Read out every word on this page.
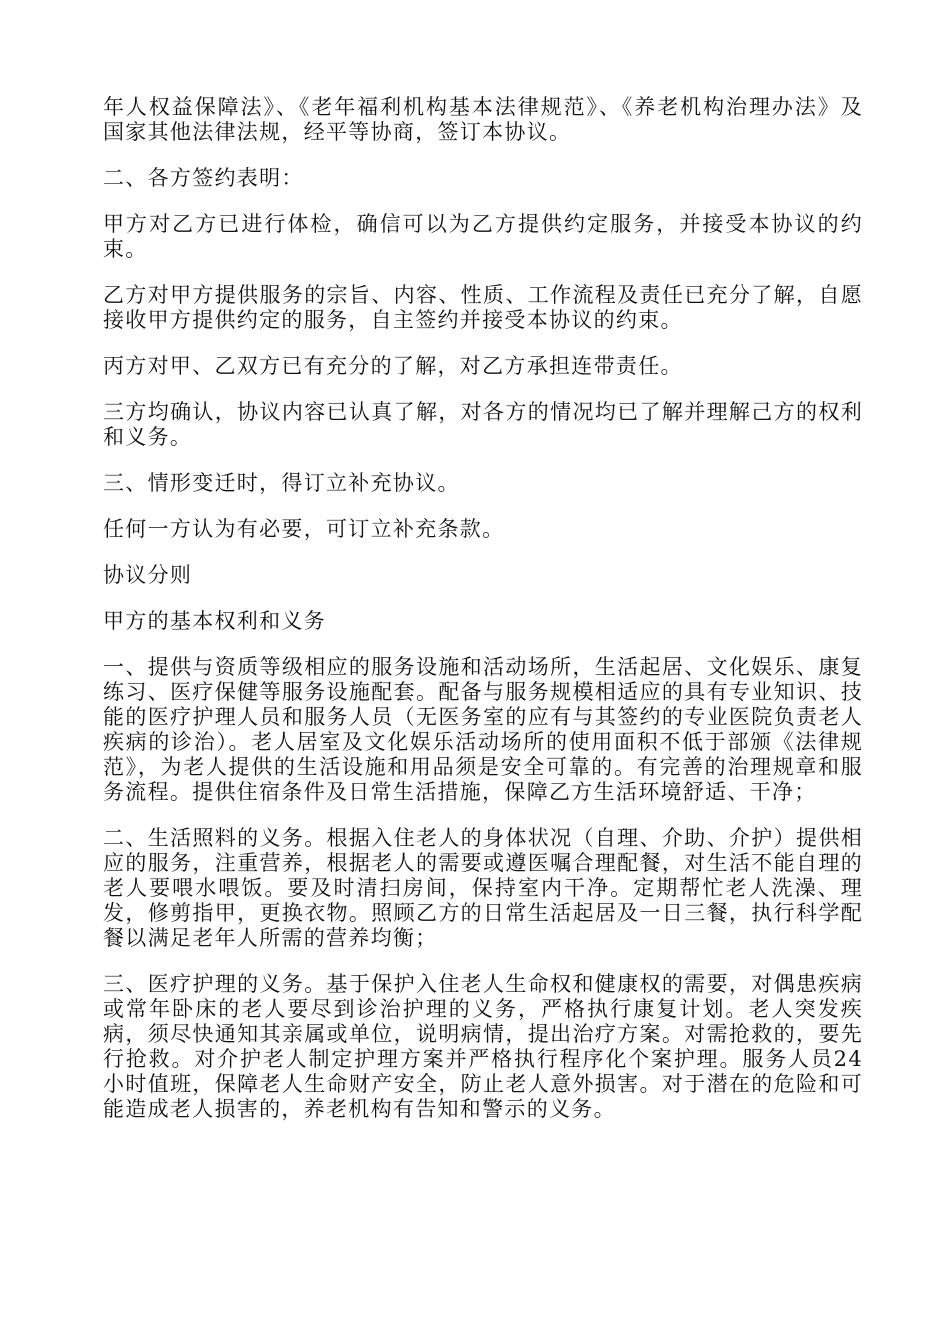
年人权益保障法》、《老年福利机构基本法律规范》、《养老机构治理办法》及国家其他法律法规，经平等协商，签订本协议。

二、各方签约表明：

甲方对乙方已进行体检，确信可以为乙方提供约定服务，并接受本协议的约束。

乙方对甲方提供服务的宗旨、内容、性质、工作流程及责任已充分了解，自愿接收甲方提供约定的服务，自主签约并接受本协议的约束。

丙方对甲、乙双方已有充分的了解，对乙方承担连带责任。

三方均确认，协议内容已认真了解，对各方的情况均已了解并理解己方的权利和义务。

三、情形变迁时，得订立补充协议。

任何一方认为有必要，可订立补充条款。

协议分则

甲方的基本权利和义务

一、提供与资质等级相应的服务设施和活动场所，生活起居、文化娱乐、康复练习、医疗保健等服务设施配套。配备与服务规模相适应的具有专业知识、技能的医疗护理人员和服务人员（无医务室的应有与其签约的专业医院负责老人疾病的诊治）。老人居室及文化娱乐活动场所的使用面积不低于部颁《法律规范》，为老人提供的生活设施和用品须是安全可靠的。有完善的治理规章和服务流程。提供住宿条件及日常生活措施，保障乙方生活环境舒适、干净；

二、生活照料的义务。根据入住老人的身体状况（自理、介助、介护）提供相应的服务，注重营养，根据老人的需要或遵医嘱合理配餐，对生活不能自理的老人要喂水喂饭。要及时清扫房间，保持室内干净。定期帮忙老人洗澡、理发，修剪指甲，更换衣物。照顾乙方的日常生活起居及一日三餐，执行科学配餐以满足老年人所需的营养均衡；

三、医疗护理的义务。基于保护入住老人生命权和健康权的需要，对偶患疾病或常年卧床的老人要尽到诊治护理的义务，严格执行康复计划。老人突发疾病，须尽快通知其亲属或单位，说明病情，提出治疗方案。对需抢救的，要先行抢救。对介护老人制定护理方案并严格执行程序化个案护理。服务人员24小时值班，保障老人生命财产安全，防止老人意外损害。对于潜在的危险和可能造成老人损害的，养老机构有告知和警示的义务。
